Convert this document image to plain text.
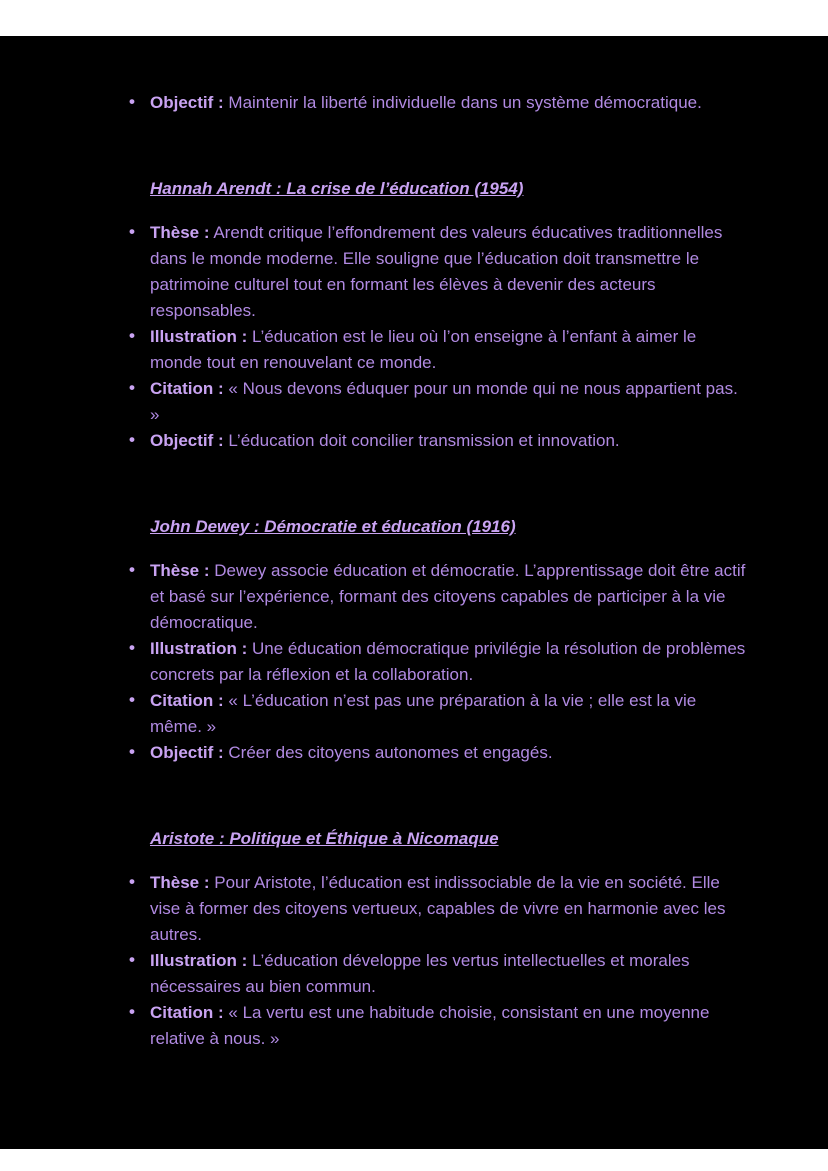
• Objectif : Maintenir la liberté individuelle dans un système démocratique.
Hannah Arendt : La crise de l’éducation (1954)
• Thèse : Arendt critique l’effondrement des valeurs éducatives traditionnelles dans le monde moderne. Elle souligne que l’éducation doit transmettre le patrimoine culturel tout en formant les élèves à devenir des acteurs responsables.
• Illustration : L’éducation est le lieu où l’on enseigne à l’enfant à aimer le monde tout en renouvelant ce monde.
• Citation : « Nous devons éduquer pour un monde qui ne nous appartient pas. »
• Objectif : L’éducation doit concilier transmission et innovation.
John Dewey : Démocratie et éducation (1916)
• Thèse : Dewey associe éducation et démocratie. L’apprentissage doit être actif et basé sur l’expérience, formant des citoyens capables de participer à la vie démocratique.
• Illustration : Une éducation démocratique privilégie la résolution de problèmes concrets par la réflexion et la collaboration.
• Citation : « L’éducation n’est pas une préparation à la vie ; elle est la vie même. »
• Objectif : Créer des citoyens autonomes et engagés.
Aristote : Politique et Éthique à Nicomaque
• Thèse : Pour Aristote, l’éducation est indissociable de la vie en société. Elle vise à former des citoyens vertueux, capables de vivre en harmonie avec les autres.
• Illustration : L’éducation développe les vertus intellectuelles et morales nécessaires au bien commun.
• Citation : « La vertu est une habitude choisie, consistant en une moyenne relative à nous. »
